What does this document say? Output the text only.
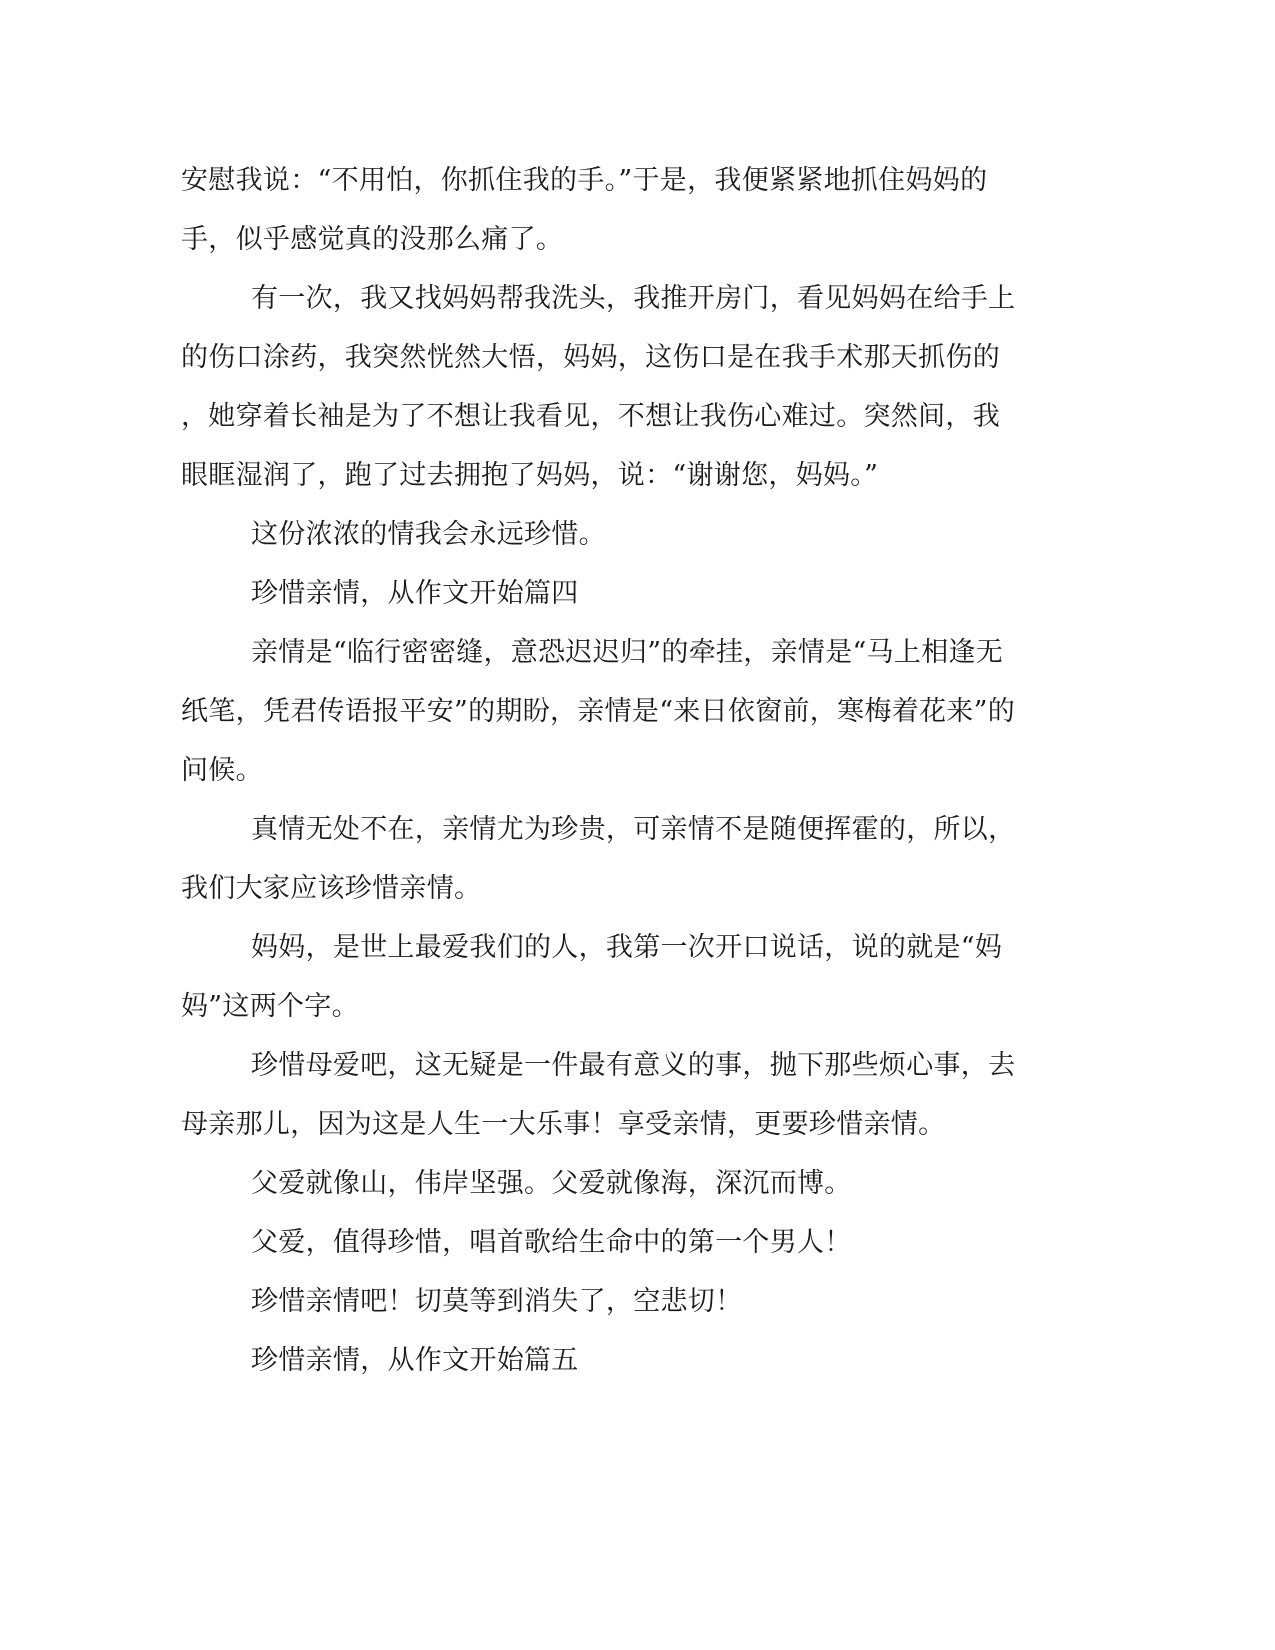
安慰我说：“不用怕，你抓住我的手。”于是，我便紧紧地抓住妈妈的
手，似乎感觉真的没那么痛了。
有一次，我又找妈妈帮我洗头，我推开房门，看见妈妈在给手上
的伤口涂药，我突然恍然大悟，妈妈，这伤口是在我手术那天抓伤的
，她穿着长袖是为了不想让我看见，不想让我伤心难过。突然间，我
眼眶湿润了，跑了过去拥抱了妈妈，说：“谢谢您，妈妈。”
这份浓浓的情我会永远珍惜。
珍惜亲情，从作文开始篇四
亲情是“临行密密缝，意恐迟迟归”的牵挂，亲情是“马上相逢无
纸笔，凭君传语报平安”的期盼，亲情是“来日依窗前，寒梅着花来”的
问候。
真情无处不在，亲情尤为珍贵，可亲情不是随便挥霍的，所以，
我们大家应该珍惜亲情。
妈妈，是世上最爱我们的人，我第一次开口说话，说的就是“妈
妈”这两个字。
珍惜母爱吧，这无疑是一件最有意义的事，抛下那些烦心事，去
母亲那儿，因为这是人生一大乐事！享受亲情，更要珍惜亲情。
父爱就像山，伟岸坚强。父爱就像海，深沉而博。
父爱，值得珍惜，唱首歌给生命中的第一个男人！
珍惜亲情吧！切莫等到消失了，空悲切！
珍惜亲情，从作文开始篇五
